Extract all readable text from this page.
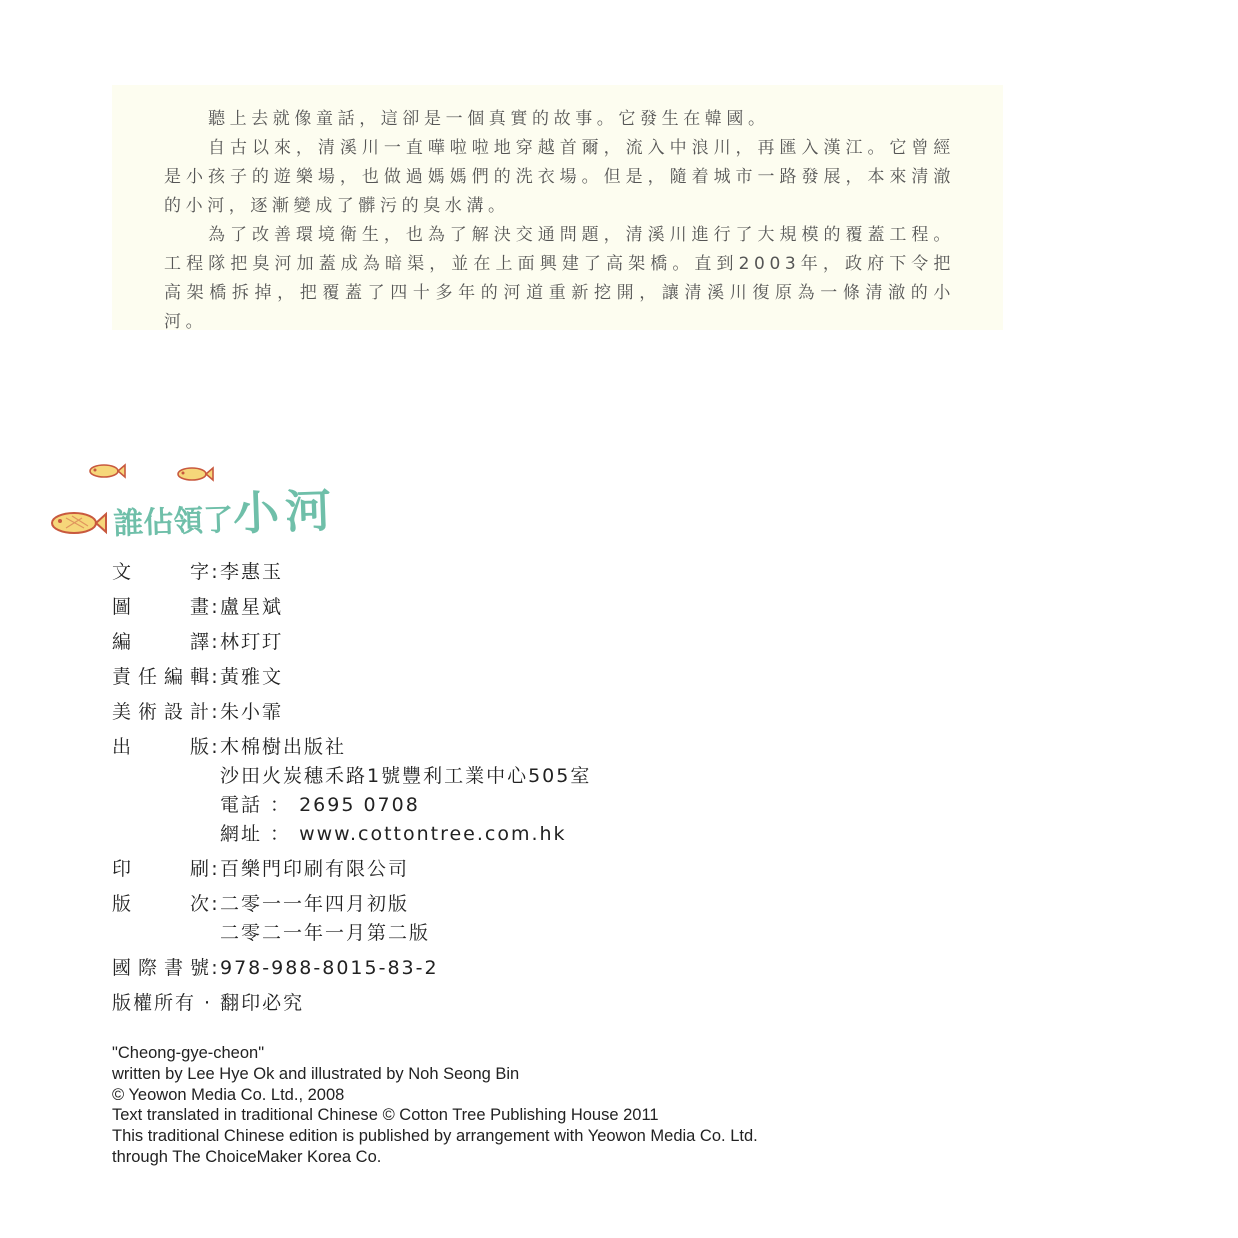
聽上去就像童話，這卻是一個真實的故事。它發生在韓國。

自古以來，清溪川一直嘩啦啦地穿越首爾，流入中浪川，再匯入漢江。它曾經是小孩子的遊樂場，也做過媽媽們的洗衣場。但是，隨着城市一路發展，本來清澈的小河，逐漸變成了髒污的臭水溝。

為了改善環境衛生，也為了解決交通問題，清溪川進行了大規模的覆蓋工程。工程隊把臭河加蓋成為暗渠，並在上面興建了高架橋。直到2003年，政府下令把高架橋拆掉，把覆蓋了四十多年的河道重新挖開，讓清溪川復原為一條清澈的小河。

誰佔領了小河
文字 : 李惠玉
圖畫 : 盧星斌
編譯 : 林玎玎
責任編輯 : 黃雅文
美術設計 : 朱小霏
出版 : 木棉樹出版社
沙田火炭穗禾路1號豐利工業中心505室
電話 ： 2695 0708
網址 ： www.cottontree.com.hk
印刷 : 百樂門印刷有限公司
版次 : 二零一一年四月初版
二零二一年一月第二版
國際書號 : 978-988-8015-83-2
版權所有 · 翻印必究
"Cheong-gye-cheon"
written by Lee Hye Ok and illustrated by Noh Seong Bin
© Yeowon Media Co. Ltd., 2008
Text translated in traditional Chinese © Cotton Tree Publishing House 2011
This traditional Chinese edition is published by arrangement with Yeowon Media Co. Ltd.
through The ChoiceMaker Korea Co.
